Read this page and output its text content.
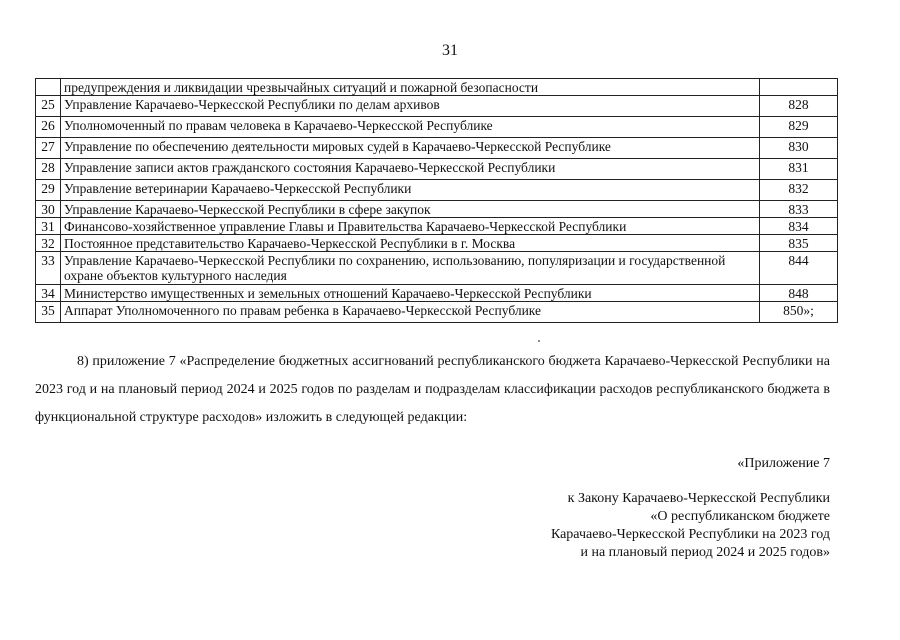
31
	предупреждения и ликвидации чрезвычайных ситуаций и пожарной безопасности	
25	Управление Карачаево-Черкесской Республики по делам архивов	828
26	Уполномоченный по правам человека в Карачаево-Черкесской Республике	829
27	Управление по обеспечению деятельности мировых судей в Карачаево-Черкесской Республике	830
28	Управление записи актов гражданского состояния Карачаево-Черкесской Республики	831
29	Управление ветеринарии Карачаево-Черкесской Республики	832
30	Управление Карачаево-Черкесской Республики в сфере закупок	833
31	Финансово-хозяйственное управление Главы и Правительства Карачаево-Черкесской Республики	834
32	Постоянное представительство Карачаево-Черкесской Республики в г. Москва	835
33	Управление Карачаево-Черкесской Республики по сохранению, использованию, популяризации и государственной охране объектов культурного наследия	844
34	Министерство имущественных и земельных отношений Карачаево-Черкесской Республики	848
35	Аппарат Уполномоченного по правам ребенка в Карачаево-Черкесской Республике	850»;

8) приложение 7 «Распределение бюджетных ассигнований республиканского бюджета Карачаево-Черкесской Республики на 2023 год и на плановый период 2024 и 2025 годов по разделам и подразделам классификации расходов республиканского бюджета в функциональной структуре расходов» изложить в следующей редакции:

«Приложение 7
к Закону Карачаево-Черкесской Республики
«О республиканском бюджете
Карачаево-Черкесской Республики на 2023 год
и на плановый период 2024 и 2025 годов»
